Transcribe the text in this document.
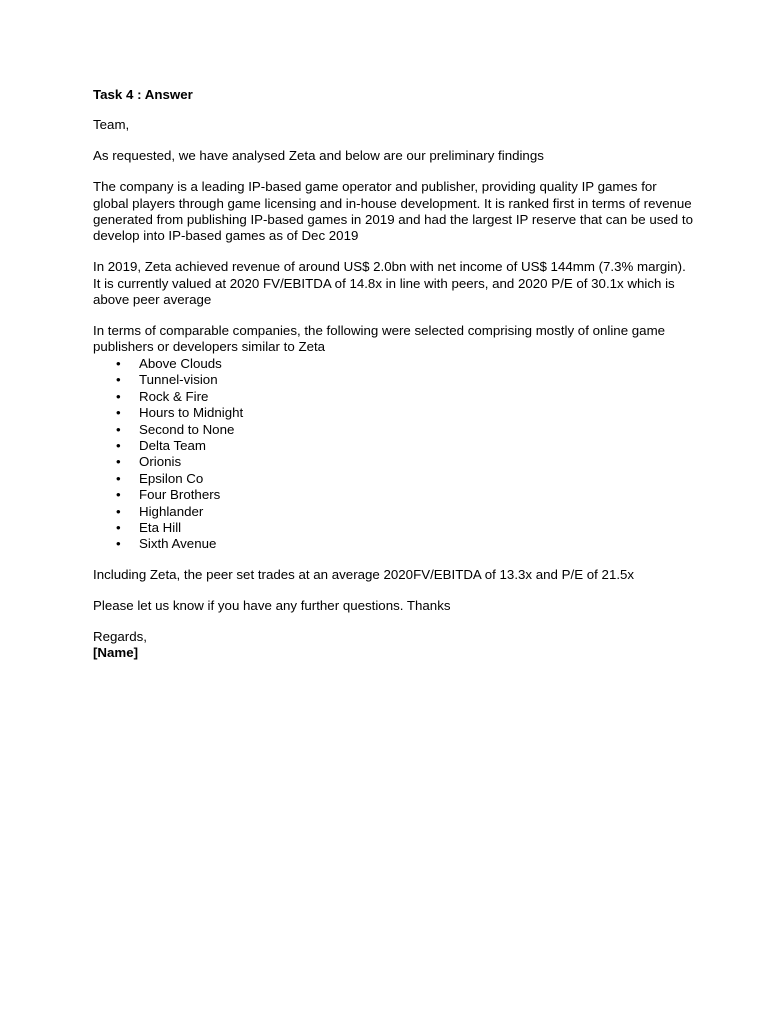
Task 4 : Answer

Team,

As requested, we have analysed Zeta and below are our preliminary findings

The company is a leading IP-based game operator and publisher, providing quality IP games for global players through game licensing and in-house development. It is ranked first in terms of revenue generated from publishing IP-based games in 2019 and had the largest IP reserve that can be used to develop into IP-based games as of Dec 2019

In 2019, Zeta achieved revenue of around US$ 2.0bn with net income of US$ 144mm (7.3% margin). It is currently valued at 2020 FV/EBITDA of 14.8x in line with peers, and 2020 P/E of 30.1x which is above peer average

In terms of comparable companies, the following were selected comprising mostly of online game publishers or developers similar to Zeta

• Above Clouds
• Tunnel-vision
• Rock & Fire
• Hours to Midnight
• Second to None
• Delta Team
• Orionis
• Epsilon Co
• Four Brothers
• Highlander
• Eta Hill
• Sixth Avenue

Including Zeta, the peer set trades at an average 2020FV/EBITDA of 13.3x and P/E of 21.5x

Please let us know if you have any further questions. Thanks

Regards,

[Name]
